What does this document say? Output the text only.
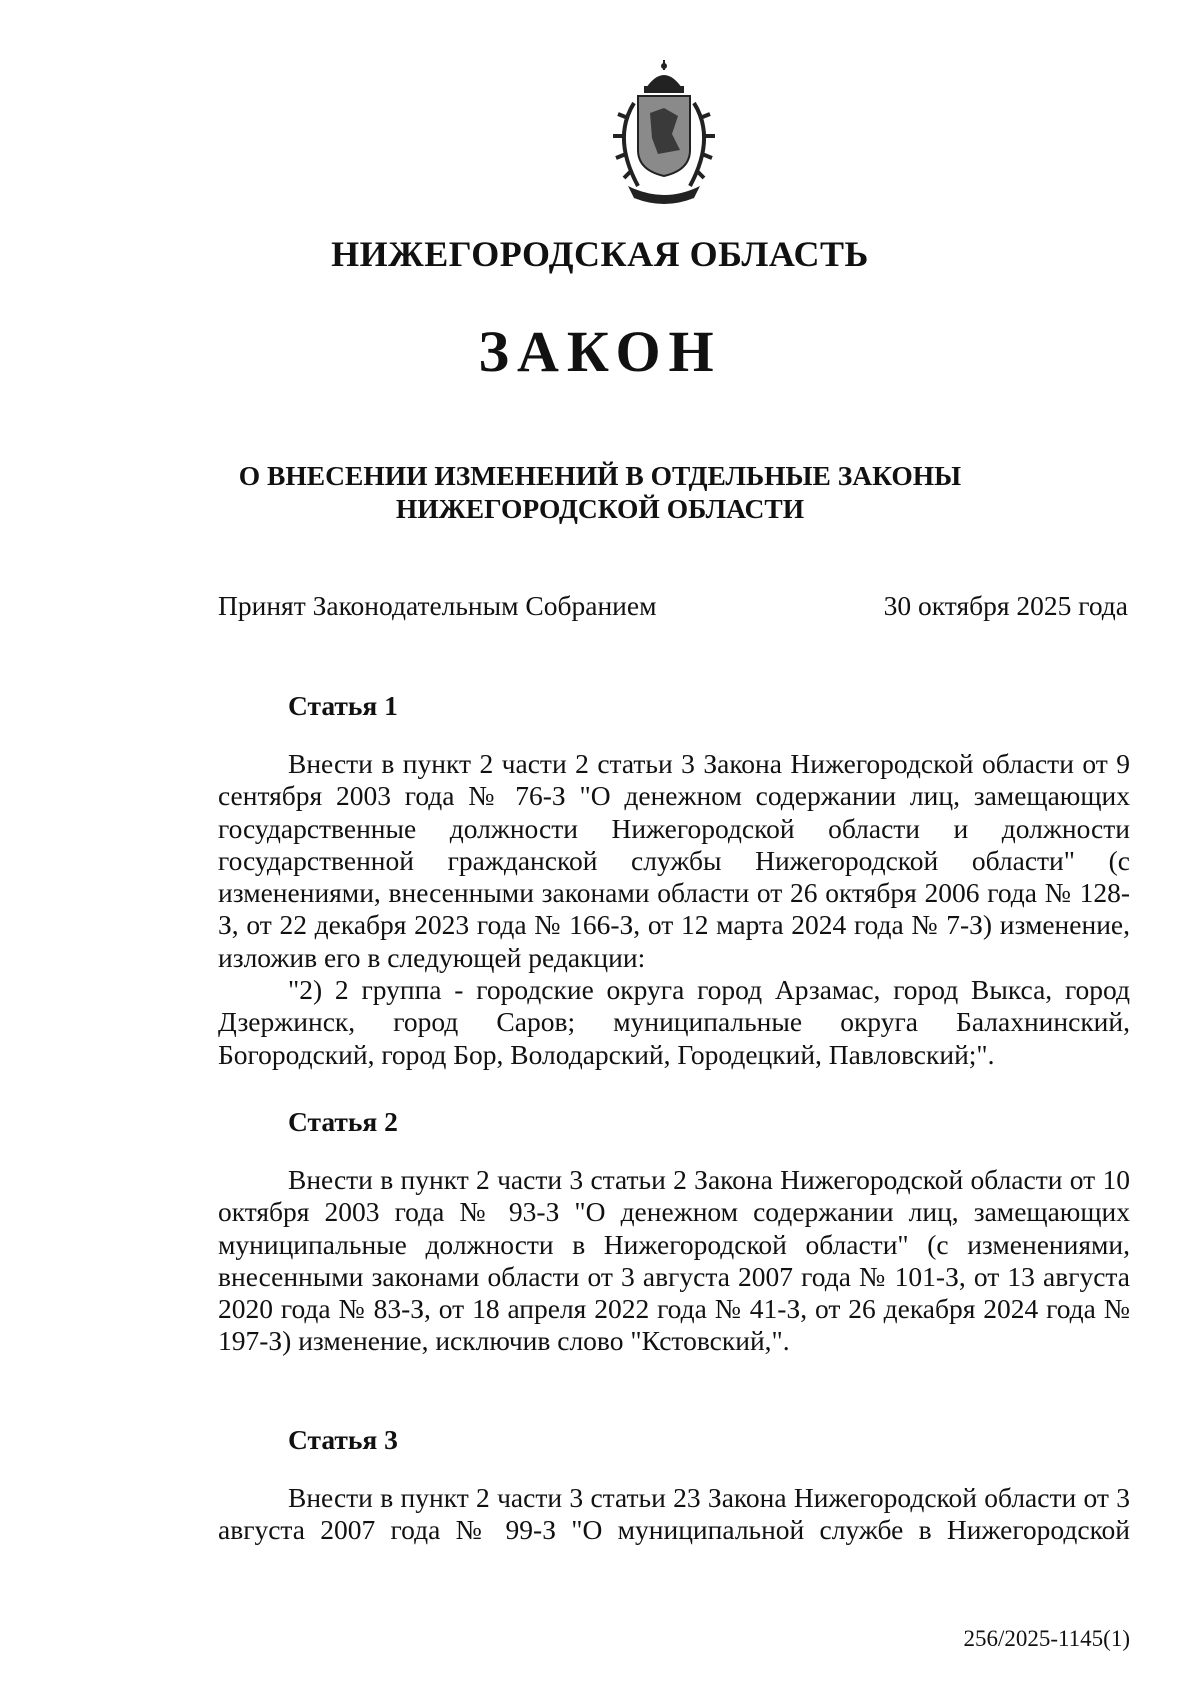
НИЖЕГОРОДСКАЯ ОБЛАСТЬ
ЗАКОН
О ВНЕСЕНИИ ИЗМЕНЕНИЙ В ОТДЕЛЬНЫЕ ЗАКОНЫ
НИЖЕГОРОДСКОЙ ОБЛАСТИ
Принят Законодательным Собранием	30 октября 2025 года
Статья 1

Внести в пункт 2 части 2 статьи 3 Закона Нижегородской области от 9 сентября 2003 года № 76-З "О денежном содержании лиц, замещающих государственные должности Нижегородской области и должности государственной гражданской службы Нижегородской области" (с изменениями, внесенными законами области от 26 октября 2006 года № 128-З, от 22 декабря 2023 года № 166-З, от 12 марта 2024 года № 7-З) изменение, изложив его в следующей редакции:

"2) 2 группа - городские округа город Арзамас, город Выкса, город Дзержинск, город Саров; муниципальные округа Балахнинский, Богородский, город Бор, Володарский, Городецкий, Павловский;".

Статья 2

Внести в пункт 2 части 3 статьи 2 Закона Нижегородской области от 10 октября 2003 года № 93-З "О денежном содержании лиц, замещающих муниципальные должности в Нижегородской области" (с изменениями, внесенными законами области от 3 августа 2007 года № 101-З, от 13 августа 2020 года № 83-З, от 18 апреля 2022 года № 41-З, от 26 декабря 2024 года № 197-З) изменение, исключив слово "Кстовский,".

Статья 3

Внести в пункт 2 части 3 статьи 23 Закона Нижегородской области от 3 августа 2007 года № 99-З "О муниципальной службе в Нижегородской

256/2025-1145(1)
